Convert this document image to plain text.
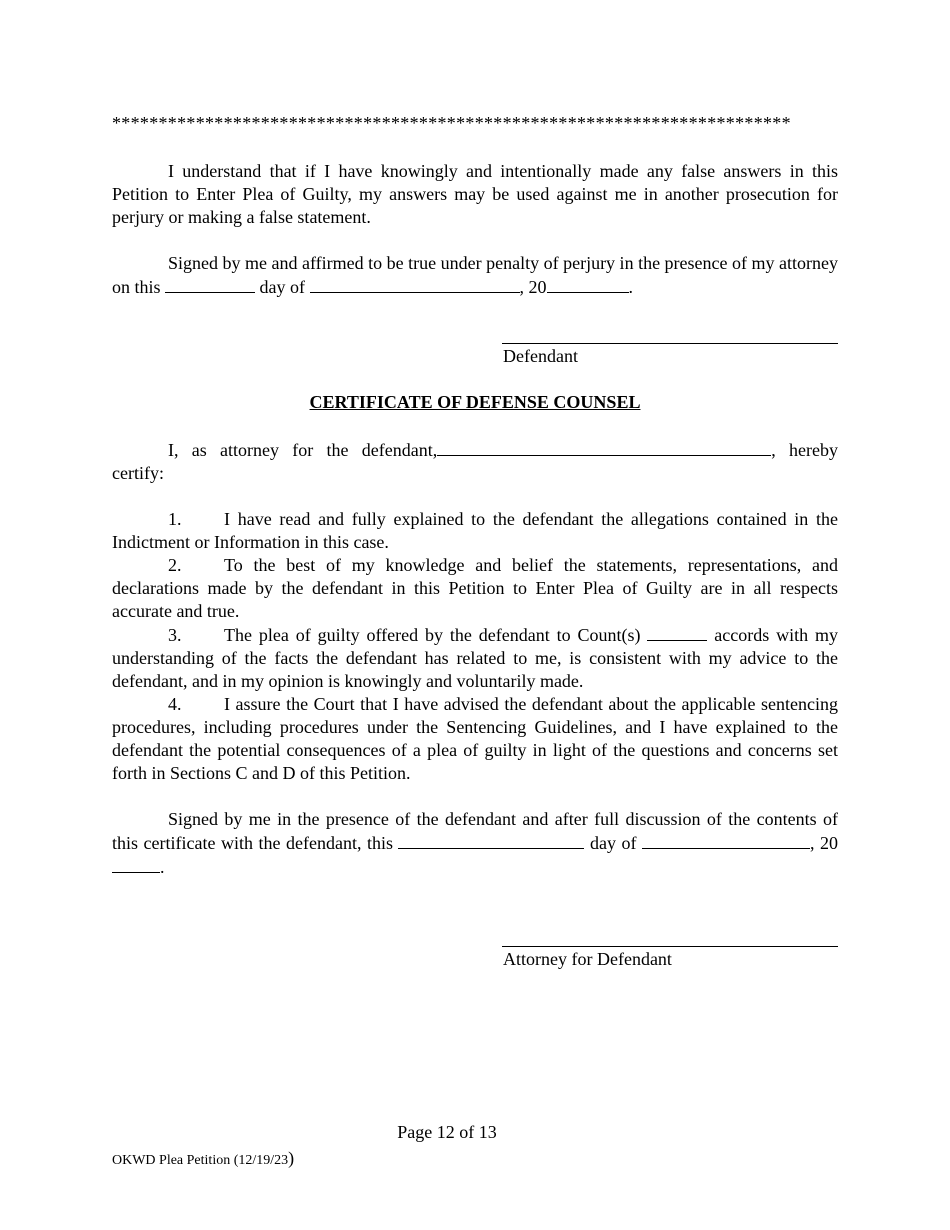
*************************************************************************

I understand that if I have knowingly and intentionally made any false answers in this Petition to Enter Plea of Guilty, my answers may be used against me in another prosecution for perjury or making a false statement.

Signed by me and affirmed to be true under penalty of perjury in the presence of my attorney on this	day of	, 20	.

Defendant
CERTIFICATE OF DEFENSE COUNSEL

I, as attorney for the defendant,	, hereby certify:

1. I have read and fully explained to the defendant the allegations contained in the Indictment or Information in this case.

2. To the best of my knowledge and belief the statements, representations, and declarations made by the defendant in this Petition to Enter Plea of Guilty are in all respects accurate and true.

3. The plea of guilty offered by the defendant to Count(s)	accords with my understanding of the facts the defendant has related to me, is consistent with my advice to the defendant, and in my opinion is knowingly and voluntarily made.

4. I assure the Court that I have advised the defendant about the applicable sentencing procedures, including procedures under the Sentencing Guidelines, and I have explained to the defendant the potential consequences of a plea of guilty in light of the questions and concerns set forth in Sections C and D of this Petition.

Signed by me in the presence of the defendant and after full discussion of the contents of this certificate with the defendant, this	day of	, 20.

Attorney for Defendant
Page 12 of 13
OKWD Plea Petition (12/19/23)
